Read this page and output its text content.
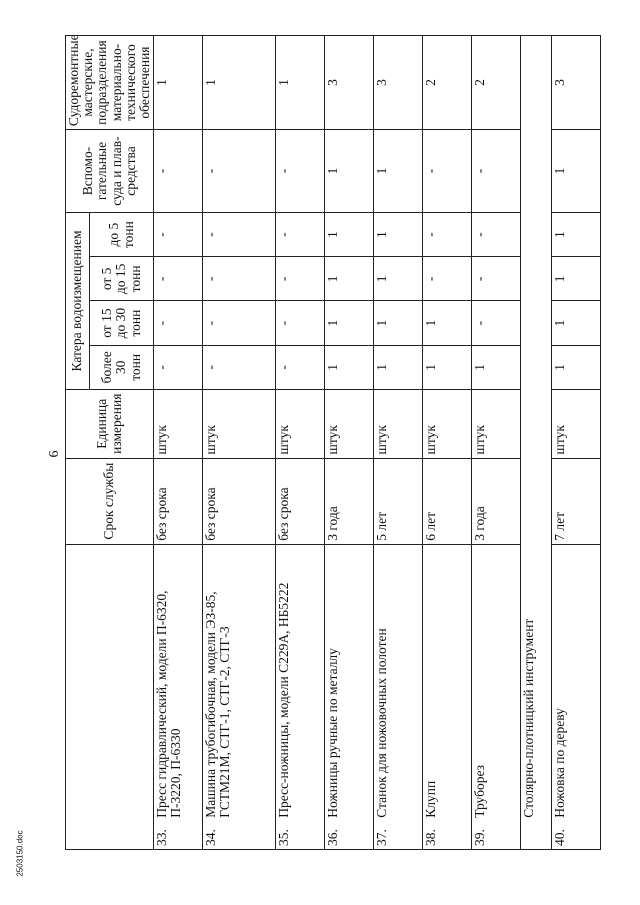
6
		Срок службы	Единица измерения	Катера водоизмещением				Вспомо-гательные суда и плав-средства	Судоремонтные мастерские, подразделения материально-технического обеспечения
				более 30 тонн	от 15 до 30 тонн	от 5 до 15 тонн	до 5 тонн		
33.	Пресс гидравлический, модели П-6320, П-3220, П-6330	без срока	штук	-	-	-	-	-	1
34.	Машина трубогибочная, модели ЭЗ-85, ГСТМ21М, СТГ-1, СТГ-2, СТГ-3	без срока	штук	-	-	-	-	-	1
35.	Пресс-ножницы, модели С229А, НБ5222	без срока	штук	-	-	-	-	-	1
36.	Ножницы ручные по металлу	3 года	штук	1	1	1	1	1	3
37.	Станок для ножовочных полотен	5 лет	штук	1	1	1	1	1	3
38.	Клупп	6 лет	штук	1	1	-	-	-	2
39.	Труборез	3 года	штук	1	-	-	-	-	2
	Столярно-плотницкий инструмент								
40.	Ножовка по дереву	7 лет	штук	1	1	1	1	1	3
2503150.doc
